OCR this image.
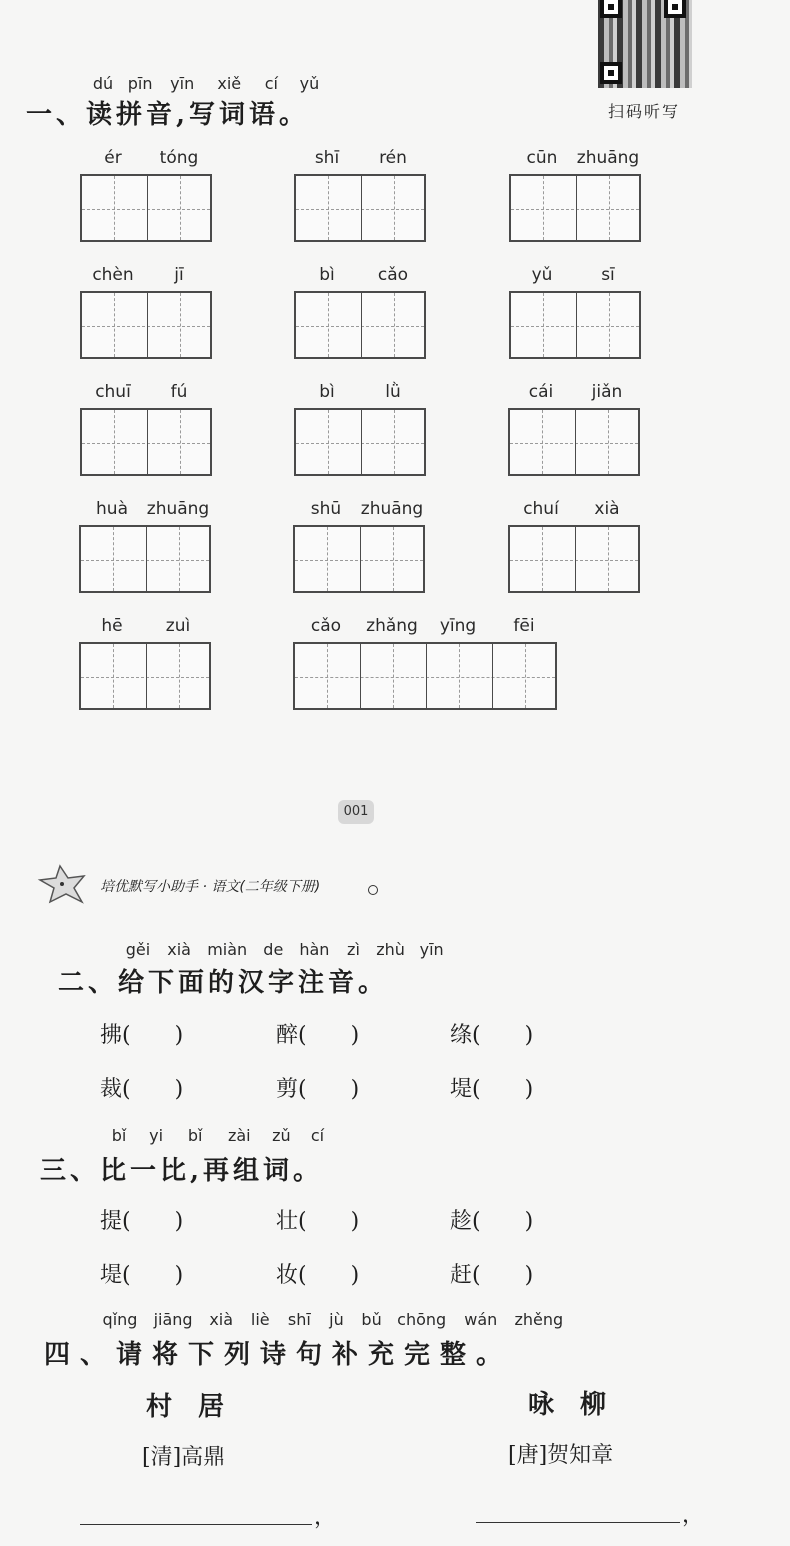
扫码听写
dú pīn yīn xiě cí yǔ
一、读拼音,写词语。
ér	tóng	shī	rén	cūn	zhuāng
chèn	jī	bì	cǎo	yǔ	sī
chuī	fú	bì	lǜ	cái	jiǎn
huà	zhuāng	shū	zhuāng	chuí	xià
hē	zuì	cǎo	zhǎng	yīng	fēi
001
培优默写小助手 · 语文(二年级下册)
gěi xià miàn de hàn zì zhù yīn
二、给下面的汉字注音。
拂(　　)	醉(　　)	绦(　　)
裁(　　)	剪(　　)	堤(　　)
bǐ yi bǐ zài zǔ cí
三、比一比,再组词。
提(　　)	壮(　　)	趁(　　)
堤(　　)	妆(　　)	赶(　　)
qǐng jiāng xià liè shī jù bǔ chōng wán zhěng
四、请将下列诗句补充完整。
村　居
[清]高鼎
，
咏　柳
[唐]贺知章
，
